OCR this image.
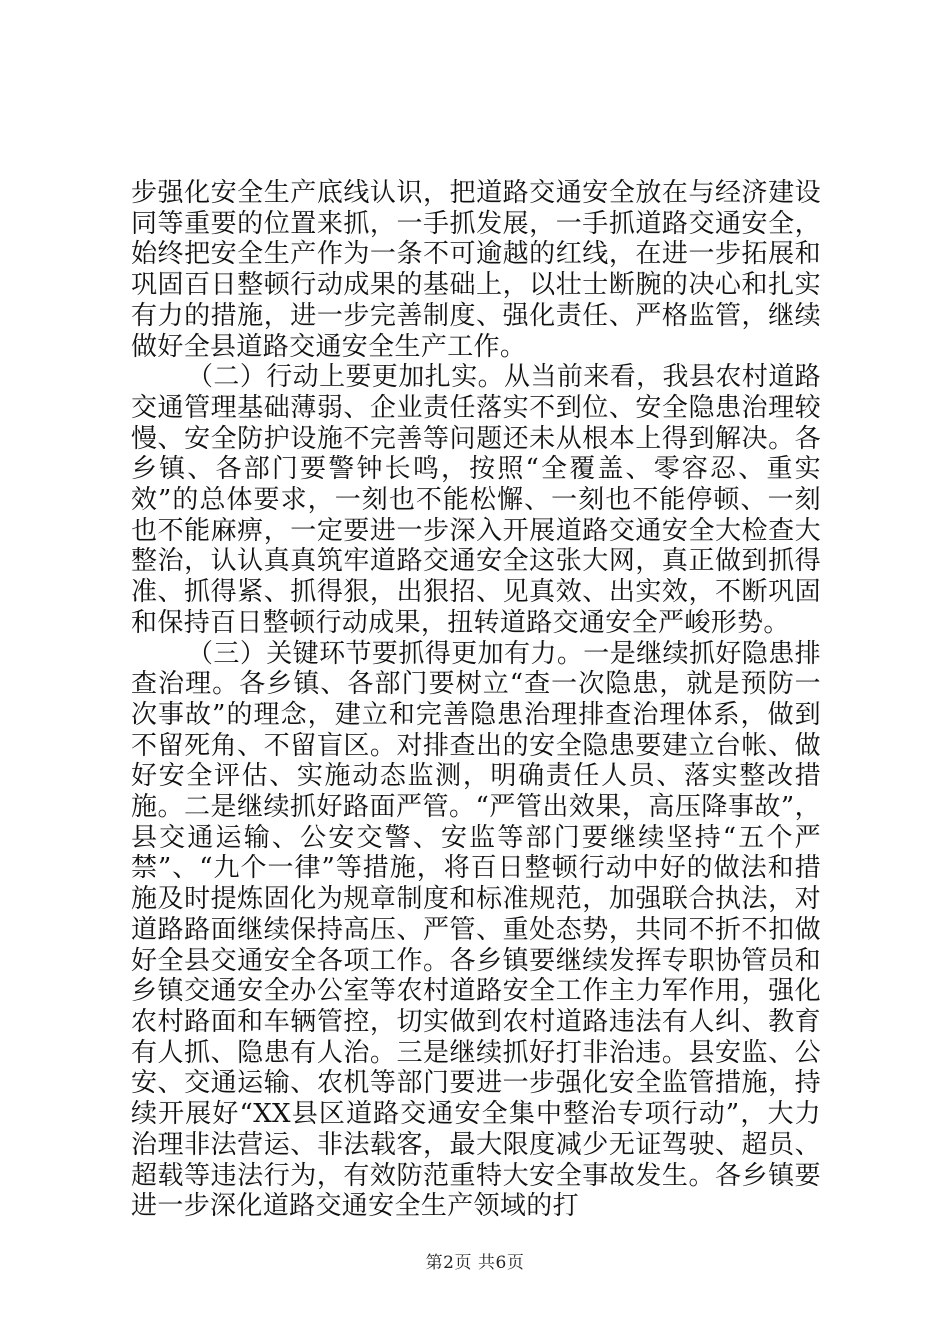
步强化安全生产底线认识，把道路交通安全放在与经济建设同等重要的位置来抓，一手抓发展，一手抓道路交通安全，始终把安全生产作为一条不可逾越的红线，在进一步拓展和巩固百日整顿行动成果的基础上，以壮士断腕的决心和扎实有力的措施，进一步完善制度、强化责任、严格监管，继续做好全县道路交通安全生产工作。

（二）行动上要更加扎实。从当前来看，我县农村道路交通管理基础薄弱、企业责任落实不到位、安全隐患治理较慢、安全防护设施不完善等问题还未从根本上得到解决。各乡镇、各部门要警钟长鸣，按照“全覆盖、零容忍、重实效”的总体要求，一刻也不能松懈、一刻也不能停顿、一刻也不能麻痹，一定要进一步深入开展道路交通安全大检查大整治，认认真真筑牢道路交通安全这张大网，真正做到抓得准、抓得紧、抓得狠，出狠招、见真效、出实效，不断巩固和保持百日整顿行动成果，扭转道路交通安全严峻形势。

（三）关键环节要抓得更加有力。一是继续抓好隐患排查治理。各乡镇、各部门要树立“查一次隐患，就是预防一次事故”的理念，建立和完善隐患治理排查治理体系，做到不留死角、不留盲区。对排查出的安全隐患要建立台帐、做好安全评估、实施动态监测，明确责任人员、落实整改措施。二是继续抓好路面严管。“严管出效果，高压降事故”，县交通运输、公安交警、安监等部门要继续坚持“五个严禁”、“九个一律”等措施，将百日整顿行动中好的做法和措施及时提炼固化为规章制度和标准规范，加强联合执法，对道路路面继续保持高压、严管、重处态势，共同不折不扣做好全县交通安全各项工作。各乡镇要继续发挥专职协管员和乡镇交通安全办公室等农村道路安全工作主力军作用，强化农村路面和车辆管控，切实做到农村道路违法有人纠、教育有人抓、隐患有人治。三是继续抓好打非治违。县安监、公安、交通运输、农机等部门要进一步强化安全监管措施，持续开展好“XX县区道路交通安全集中整治专项行动”，大力治理非法营运、非法载客，最大限度减少无证驾驶、超员、超载等违法行为，有效防范重特大安全事故发生。各乡镇要进一步深化道路交通安全生产领域的打

第2页 共6页
